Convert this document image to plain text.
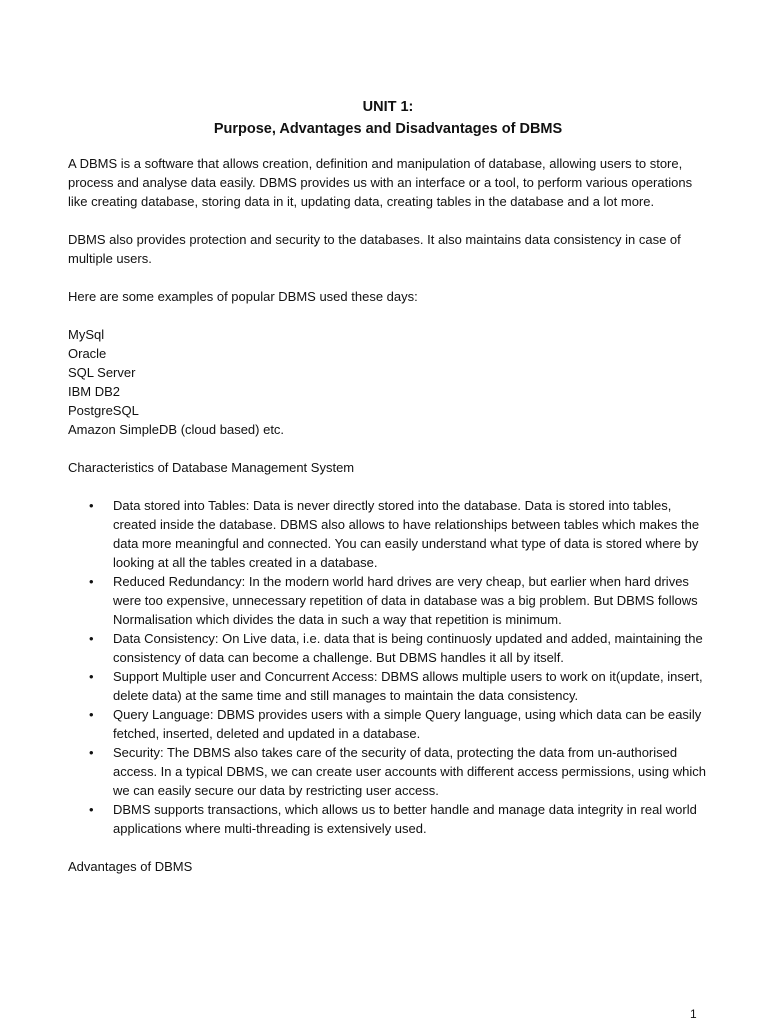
UNIT 1:
Purpose, Advantages and Disadvantages of DBMS

A DBMS is a software that allows creation, definition and manipulation of database, allowing users to store, process and analyse data easily. DBMS provides us with an interface or a tool, to perform various operations like creating database, storing data in it, updating data, creating tables in the database and a lot more.

DBMS also provides protection and security to the databases. It also maintains data consistency in case of multiple users.

Here are some examples of popular DBMS used these days:

MySql
Oracle
SQL Server
IBM DB2
PostgreSQL
Amazon SimpleDB (cloud based) etc.

Characteristics of Database Management System

• Data stored into Tables: Data is never directly stored into the database. Data is stored into tables, created inside the database. DBMS also allows to have relationships between tables which makes the data more meaningful and connected. You can easily understand what type of data is stored where by looking at all the tables created in a database.
• Reduced Redundancy: In the modern world hard drives are very cheap, but earlier when hard drives were too expensive, unnecessary repetition of data in database was a big problem. But DBMS follows Normalisation which divides the data in such a way that repetition is minimum.
• Data Consistency: On Live data, i.e. data that is being continuosly updated and added, maintaining the consistency of data can become a challenge. But DBMS handles it all by itself.
• Support Multiple user and Concurrent Access: DBMS allows multiple users to work on it(update, insert, delete data) at the same time and still manages to maintain the data consistency.
• Query Language: DBMS provides users with a simple Query language, using which data can be easily fetched, inserted, deleted and updated in a database.
• Security: The DBMS also takes care of the security of data, protecting the data from un-authorised access. In a typical DBMS, we can create user accounts with different access permissions, using which we can easily secure our data by restricting user access.
• DBMS supports transactions, which allows us to better handle and manage data integrity in real world applications where multi-threading is extensively used.

Advantages of DBMS

1
